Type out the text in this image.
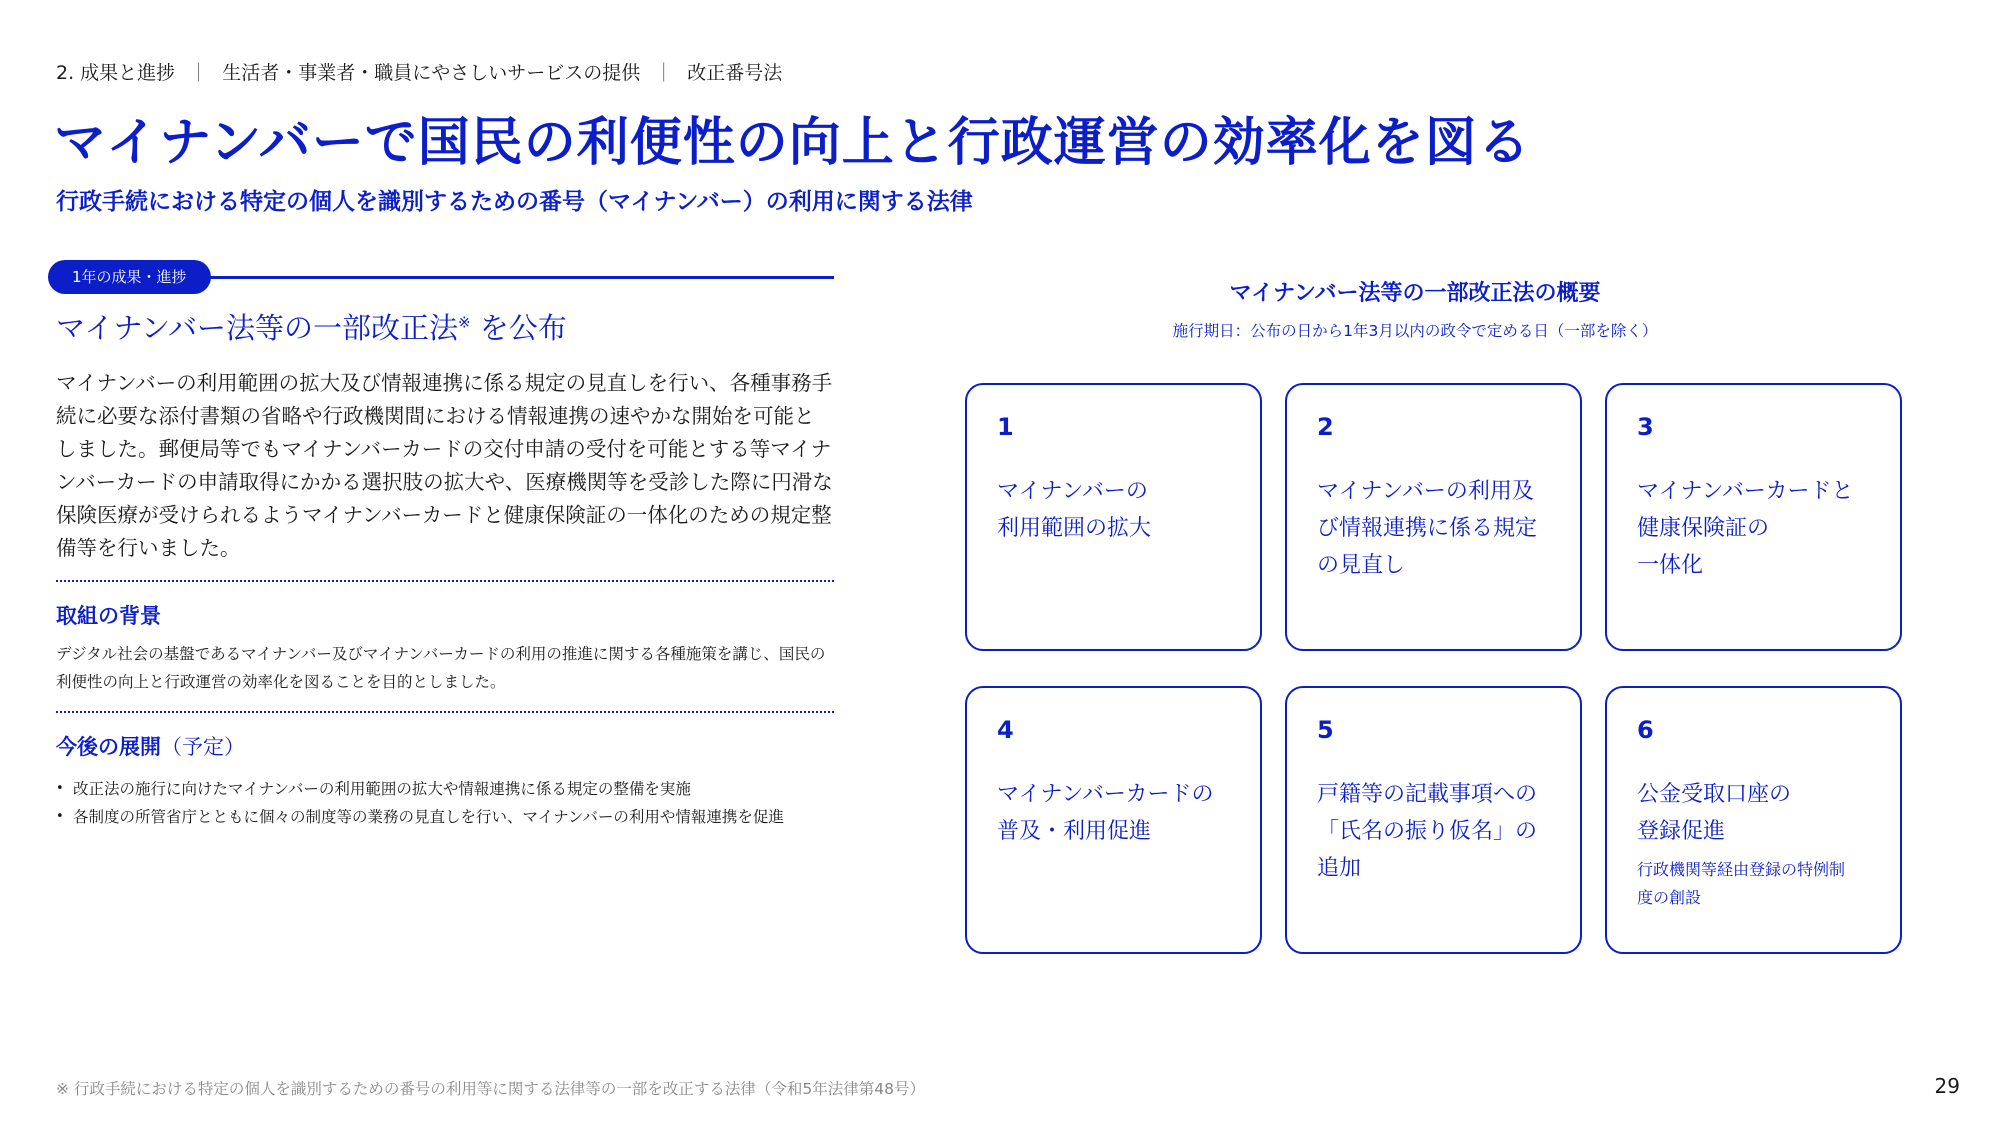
2. 成果と進捗 ｜ 生活者・事業者・職員にやさしいサービスの提供 ｜ 改正番号法
マイナンバーで国民の利便性の向上と行政運営の効率化を図る
行政手続における特定の個人を識別するための番号（マイナンバー）の利用に関する法律
1年の成果・進捗
マイナンバー法等の一部改正法※ を公布

マイナンバーの利用範囲の拡大及び情報連携に係る規定の見直しを行い、各種事務手続に必要な添付書類の省略や行政機関間における情報連携の速やかな開始を可能としました。郵便局等でもマイナンバーカードの交付申請の受付を可能とする等マイナンバーカードの申請取得にかかる選択肢の拡大や、医療機関等を受診した際に円滑な保険医療が受けられるようマイナンバーカードと健康保険証の一体化のための規定整備等を行いました。

取組の背景

デジタル社会の基盤であるマイナンバー及びマイナンバーカードの利用の推進に関する各種施策を講じ、国民の利便性の向上と行政運営の効率化を図ることを目的としました。

今後の展開（予定）
• 改正法の施行に向けたマイナンバーの利用範囲の拡大や情報連携に係る規定の整備を実施
• 各制度の所管省庁とともに個々の制度等の業務の見直しを行い、マイナンバーの利用や情報連携を促進
マイナンバー法等の一部改正法の概要
施行期日：公布の日から1年3月以内の政令で定める日（一部を除く）
1
マイナンバーの
利用範囲の拡大
2
マイナンバーの利用及
び情報連携に係る規定
の見直し
3
マイナンバーカードと
健康保険証の
一体化
4
マイナンバーカードの
普及・利用促進
5
戸籍等の記載事項への
「氏名の振り仮名」の
追加
6
公金受取口座の
登録促進
行政機関等経由登録の特例制
度の創設
※ 行政手続における特定の個人を識別するための番号の利用等に関する法律等の一部を改正する法律（令和5年法律第48号）	29
